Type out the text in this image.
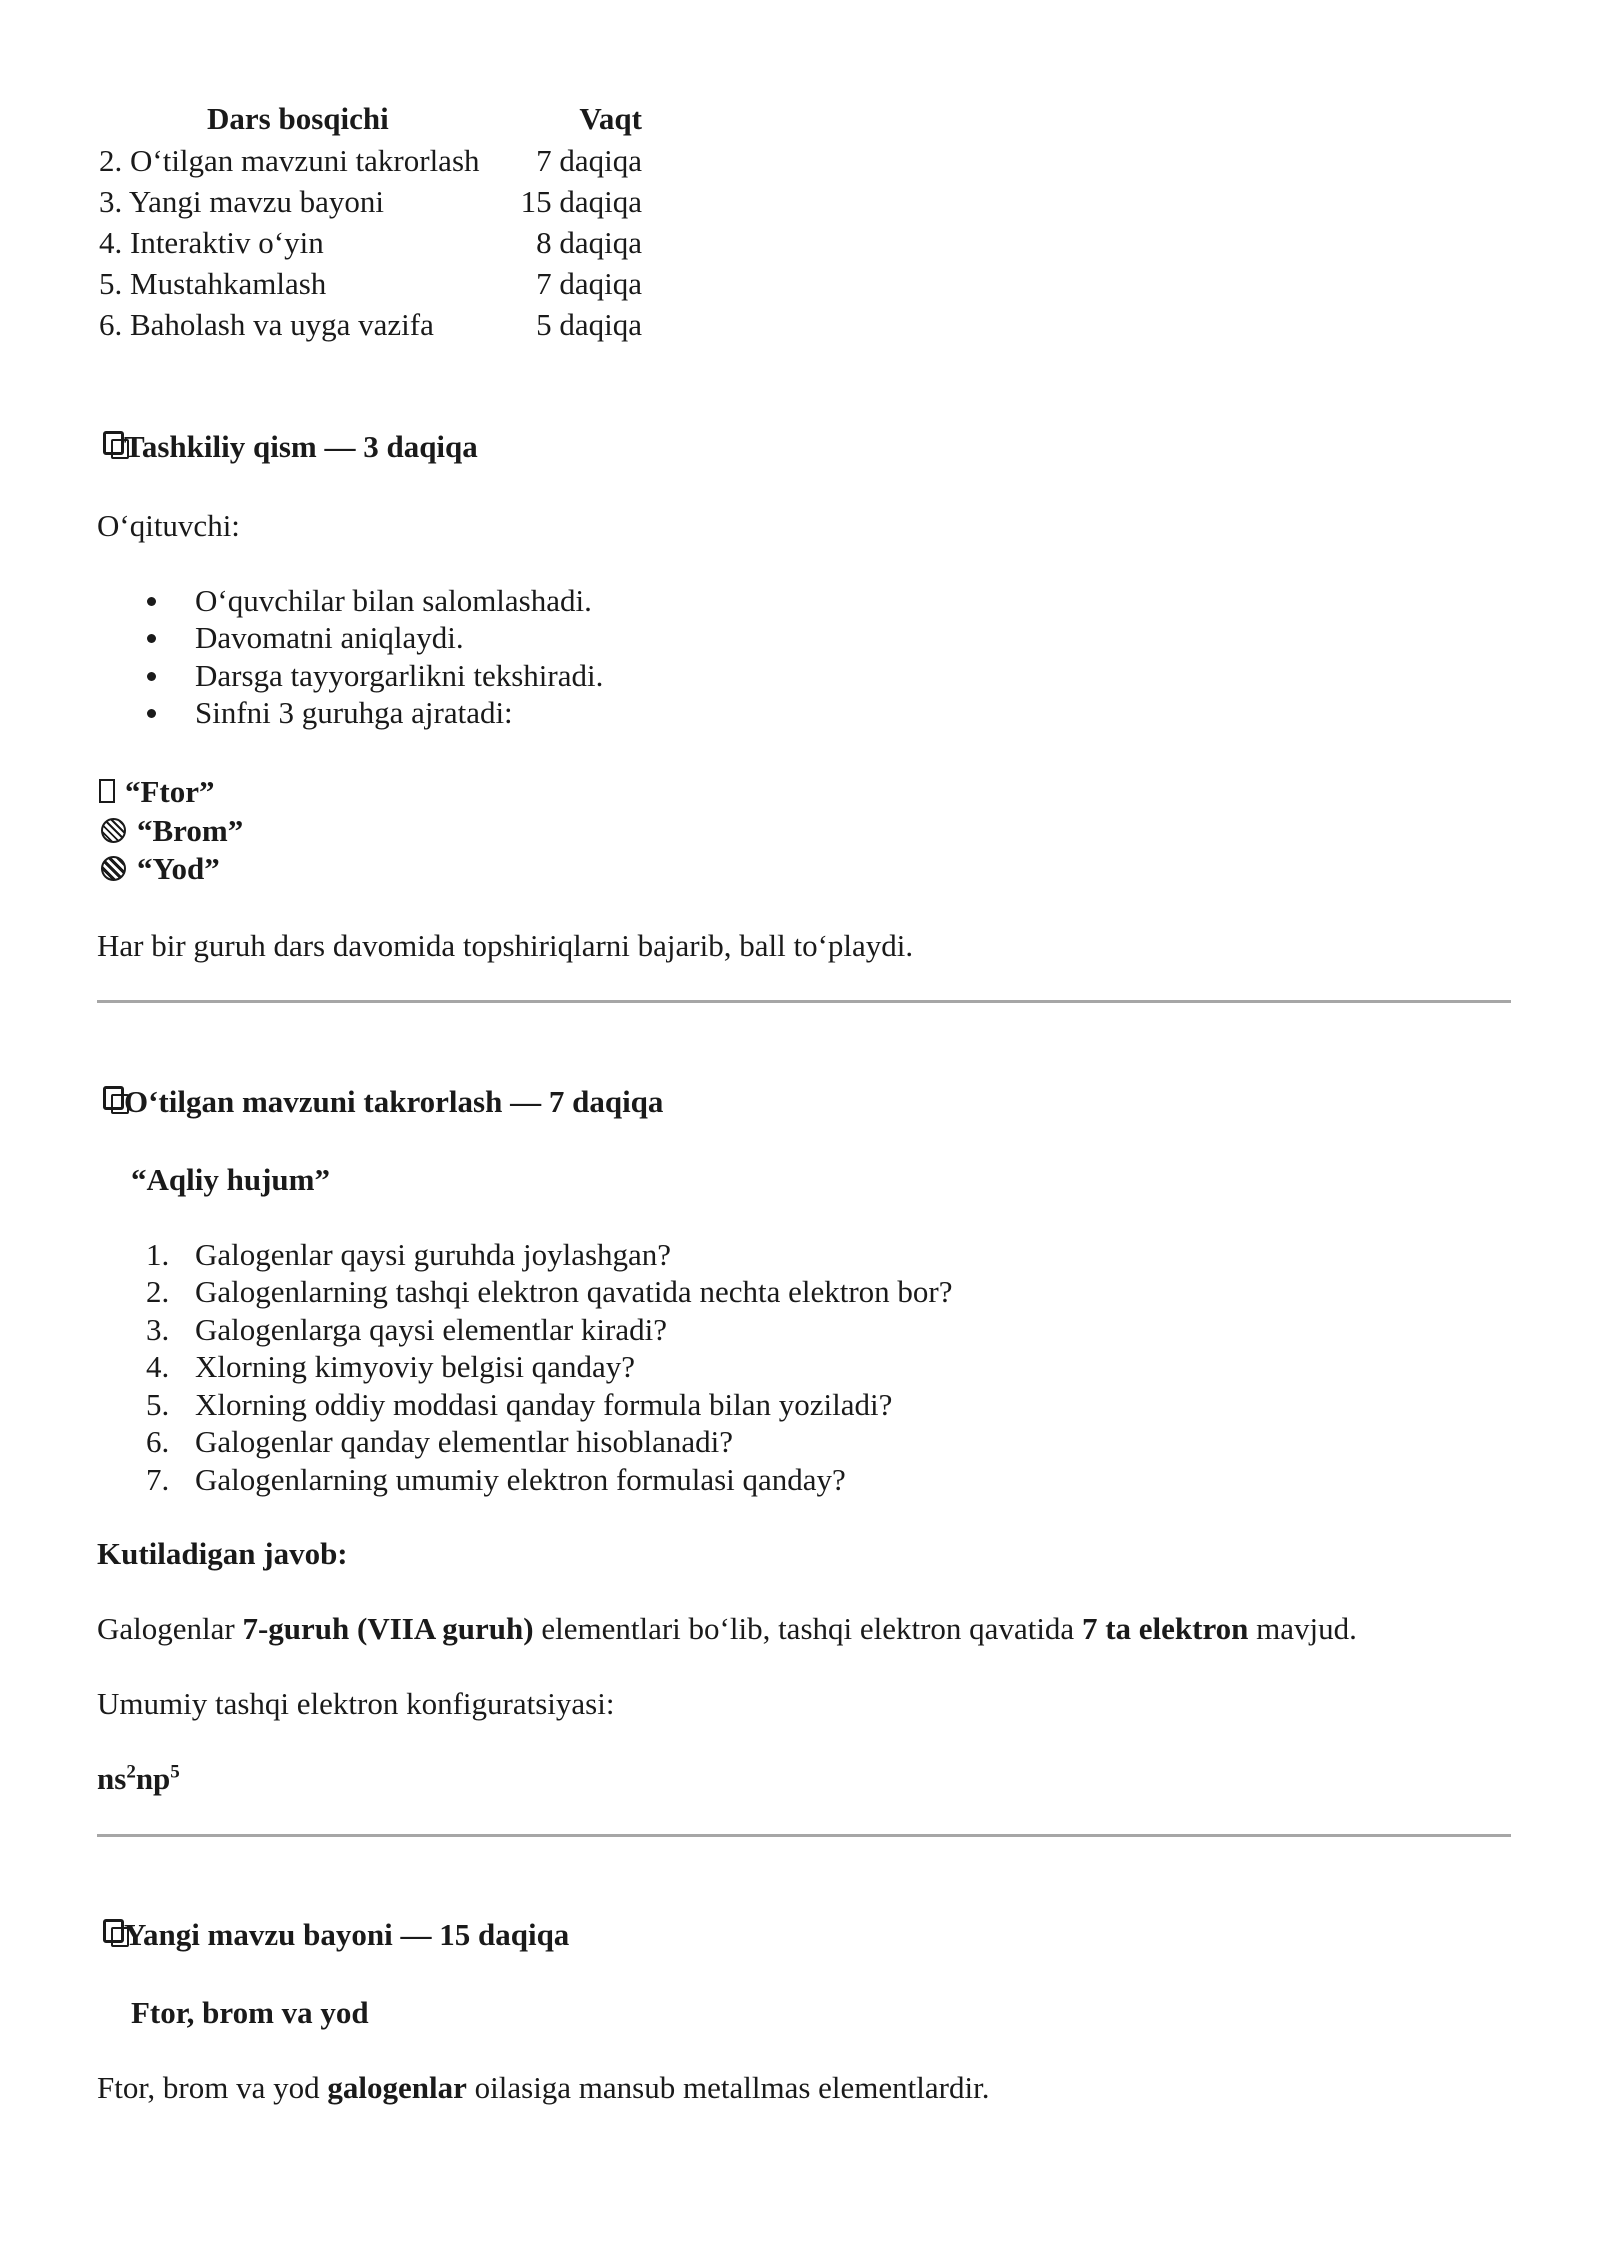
Dars bosqichi	Vaqt
2. O‘tilgan mavzuni takrorlash	7 daqiqa
3. Yangi mavzu bayoni	15 daqiqa
4. Interaktiv o‘yin	8 daqiqa
5. Mustahkamlash	7 daqiqa
6. Baholash va uyga vazifa	5 daqiqa
Tashkiliy qism — 3 daqiqa
O‘qituvchi:
O‘quvchilar bilan salomlashadi.
Davomatni aniqlaydi.
Darsga tayyorgarlikni tekshiradi.
Sinfni 3 guruhga ajratadi:
“Ftor”
“Brom”
“Yod”
Har bir guruh dars davomida topshiriqlarni bajarib, ball to‘playdi.
O‘tilgan mavzuni takrorlash — 7 daqiqa
“Aqliy hujum”
1. Galogenlar qaysi guruhda joylashgan?
2. Galogenlarning tashqi elektron qavatida nechta elektron bor?
3. Galogenlarga qaysi elementlar kiradi?
4. Xlorning kimyoviy belgisi qanday?
5. Xlorning oddiy moddasi qanday formula bilan yoziladi?
6. Galogenlar qanday elementlar hisoblanadi?
7. Galogenlarning umumiy elektron formulasi qanday?
Kutiladigan javob:
Galogenlar 7-guruh (VIIA guruh) elementlari bo‘lib, tashqi elektron qavatida 7 ta elektron mavjud.
Umumiy tashqi elektron konfiguratsiyasi:
$ns^2np^5$
Yangi mavzu bayoni — 15 daqiqa
Ftor, brom va yod
Ftor, brom va yod galogenlar oilasiga mansub metallmas elementlardir.
